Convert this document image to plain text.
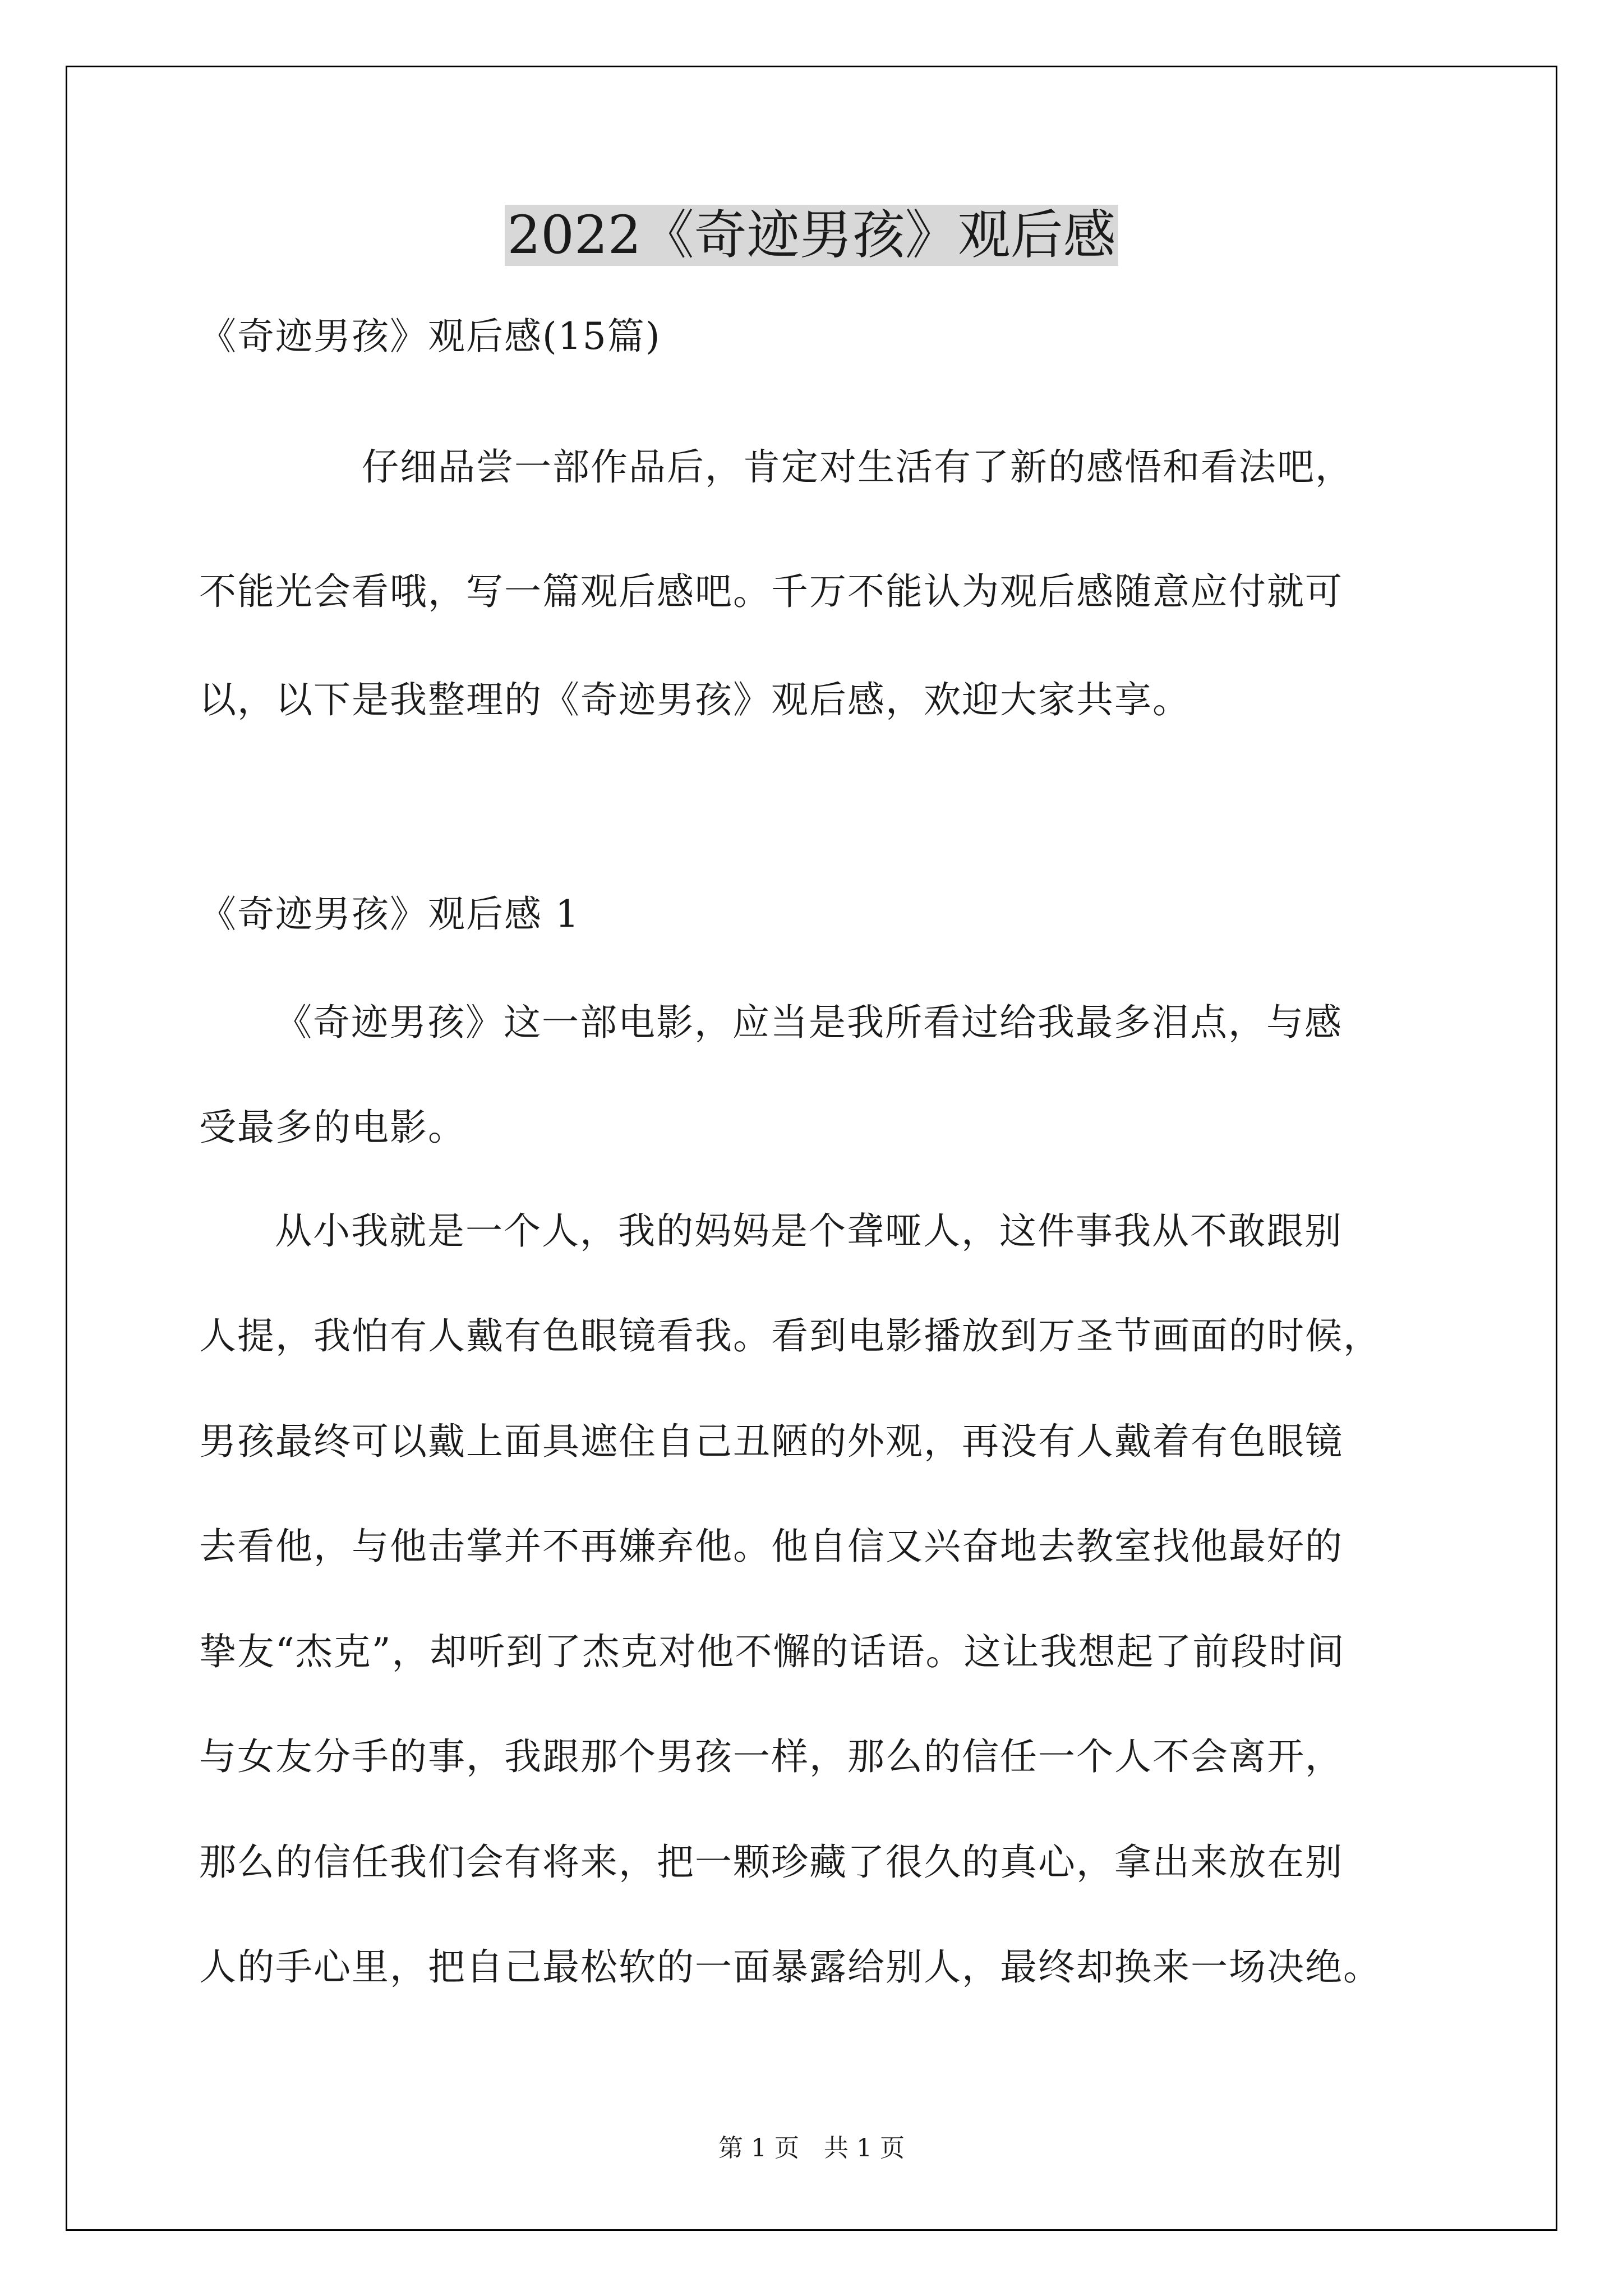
2022《奇迹男孩》观后感

《奇迹男孩》观后感(15篇)

仔细品尝一部作品后，肯定对生活有了新的感悟和看法吧，

不能光会看哦，写一篇观后感吧。千万不能认为观后感随意应付就可

以，以下是我整理的《奇迹男孩》观后感，欢迎大家共享。

《奇迹男孩》观后感 1

《奇迹男孩》这一部电影，应当是我所看过给我最多泪点，与感

受最多的电影。

从小我就是一个人，我的妈妈是个聋哑人，这件事我从不敢跟别

人提，我怕有人戴有色眼镜看我。看到电影播放到万圣节画面的时候，

男孩最终可以戴上面具遮住自己丑陋的外观，再没有人戴着有色眼镜

去看他，与他击掌并不再嫌弃他。他自信又兴奋地去教室找他最好的

挚友“杰克”，却听到了杰克对他不懈的话语。这让我想起了前段时间

与女友分手的事，我跟那个男孩一样，那么的信任一个人不会离开，

那么的信任我们会有将来，把一颗珍藏了很久的真心，拿出来放在别

人的手心里，把自己最松软的一面暴露给别人，最终却换来一场决绝。

第 1 页　共 1 页
